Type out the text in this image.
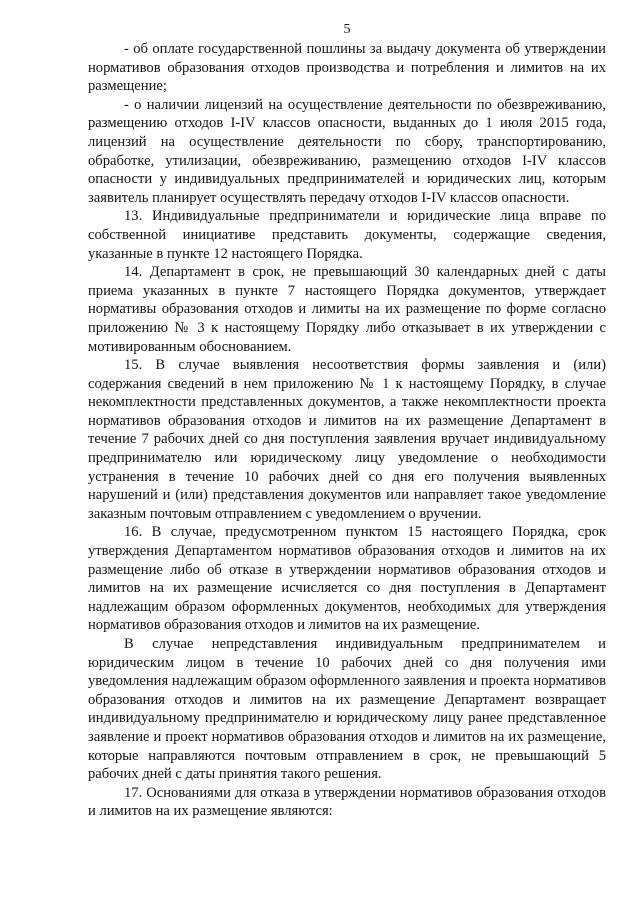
5

- об оплате государственной пошлины за выдачу документа об утверждении нормативов образования отходов производства и потребления и лимитов на их размещение;

- о наличии лицензий на осуществление деятельности по обезвреживанию, размещению отходов I-IV классов опасности, выданных до 1 июля 2015 года, лицензий на осуществление деятельности по сбору, транспортированию, обработке, утилизации, обезвреживанию, размещению отходов I-IV классов опасности у индивидуальных предпринимателей и юридических лиц, которым заявитель планирует осуществлять передачу отходов I-IV классов опасности.

13. Индивидуальные предприниматели и юридические лица вправе по собственной инициативе представить документы, содержащие сведения, указанные в пункте 12 настоящего Порядка.

14. Департамент в срок, не превышающий 30 календарных дней с даты приема указанных в пункте 7 настоящего Порядка документов, утверждает нормативы образования отходов и лимиты на их размещение по форме согласно приложению № 3 к настоящему Порядку либо отказывает в их утверждении с мотивированным обоснованием.

15. В случае выявления несоответствия формы заявления и (или) содержания сведений в нем приложению № 1 к настоящему Порядку, в случае некомплектности представленных документов, а также некомплектности проекта нормативов образования отходов и лимитов на их размещение Департамент в течение 7 рабочих дней со дня поступления заявления вручает индивидуальному предпринимателю или юридическому лицу уведомление о необходимости устранения в течение 10 рабочих дней со дня его получения выявленных нарушений и (или) представления документов или направляет такое уведомление заказным почтовым отправлением с уведомлением о вручении.

16. В случае, предусмотренном пунктом 15 настоящего Порядка, срок утверждения Департаментом нормативов образования отходов и лимитов на их размещение либо об отказе в утверждении нормативов образования отходов и лимитов на их размещение исчисляется со дня поступления в Департамент надлежащим образом оформленных документов, необходимых для утверждения нормативов образования отходов и лимитов на их размещение.

В случае непредставления индивидуальным предпринимателем и юридическим лицом в течение 10 рабочих дней со дня получения ими уведомления надлежащим образом оформленного заявления и проекта нормативов образования отходов и лимитов на их размещение Департамент возвращает индивидуальному предпринимателю и юридическому лицу ранее представленное заявление и проект нормативов образования отходов и лимитов на их размещение, которые направляются почтовым отправлением в срок, не превышающий 5 рабочих дней с даты принятия такого решения.

17. Основаниями для отказа в утверждении нормативов образования отходов и лимитов на их размещение являются:
